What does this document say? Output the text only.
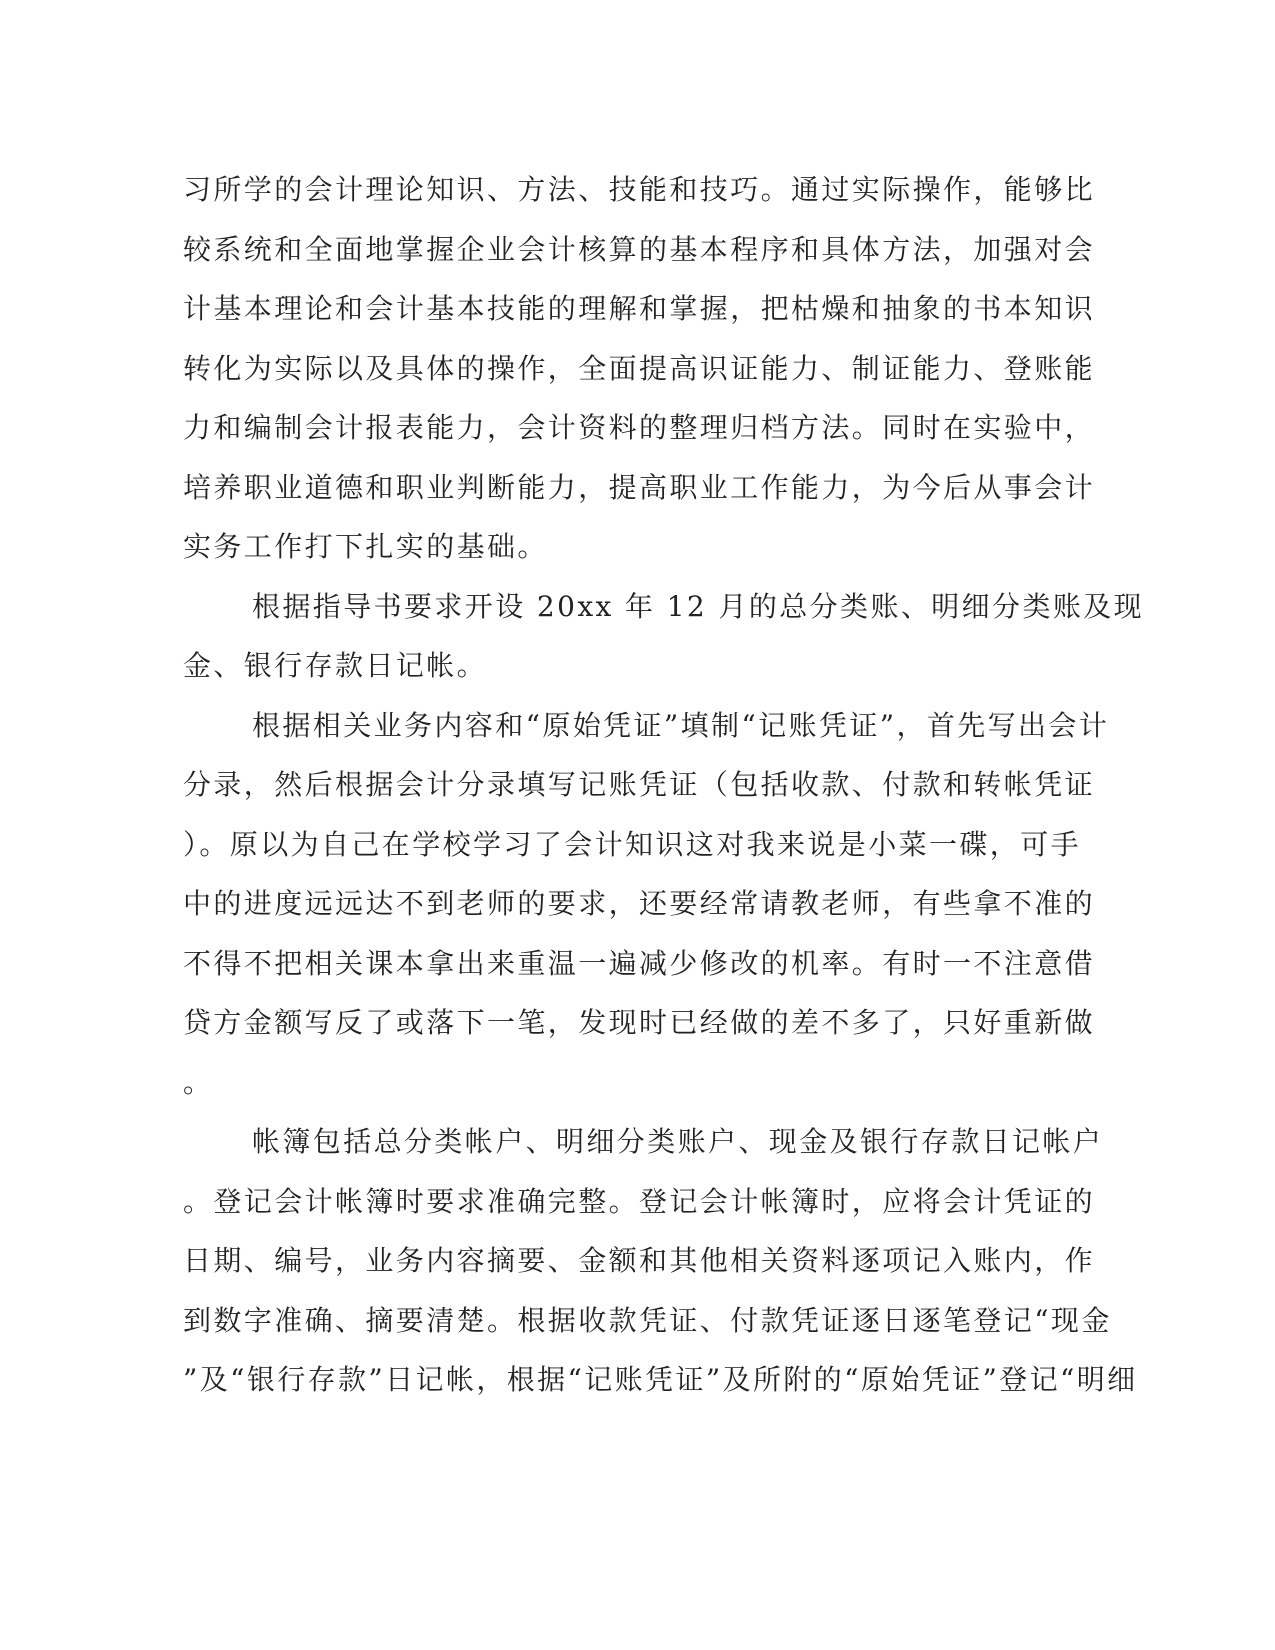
习所学的会计理论知识、方法、技能和技巧。通过实际操作，能够比
较系统和全面地掌握企业会计核算的基本程序和具体方法，加强对会
计基本理论和会计基本技能的理解和掌握，把枯燥和抽象的书本知识
转化为实际以及具体的操作，全面提高识证能力、制证能力、登账能
力和编制会计报表能力，会计资料的整理归档方法。同时在实验中，
培养职业道德和职业判断能力，提高职业工作能力，为今后从事会计
实务工作打下扎实的基础。
根据指导书要求开设 20xx 年 12 月的总分类账、明细分类账及现
金、银行存款日记帐。
根据相关业务内容和“原始凭证”填制“记账凭证”，首先写出会计
分录，然后根据会计分录填写记账凭证（包括收款、付款和转帐凭证
）。原以为自己在学校学习了会计知识这对我来说是小菜一碟，可手
中的进度远远达不到老师的要求，还要经常请教老师，有些拿不准的
不得不把相关课本拿出来重温一遍减少修改的机率。有时一不注意借
贷方金额写反了或落下一笔，发现时已经做的差不多了，只好重新做
。
帐簿包括总分类帐户、明细分类账户、现金及银行存款日记帐户
。登记会计帐簿时要求准确完整。登记会计帐簿时，应将会计凭证的
日期、编号，业务内容摘要、金额和其他相关资料逐项记入账内，作
到数字准确、摘要清楚。根据收款凭证、付款凭证逐日逐笔登记“现金
”及“银行存款”日记帐，根据“记账凭证”及所附的“原始凭证”登记“明细
